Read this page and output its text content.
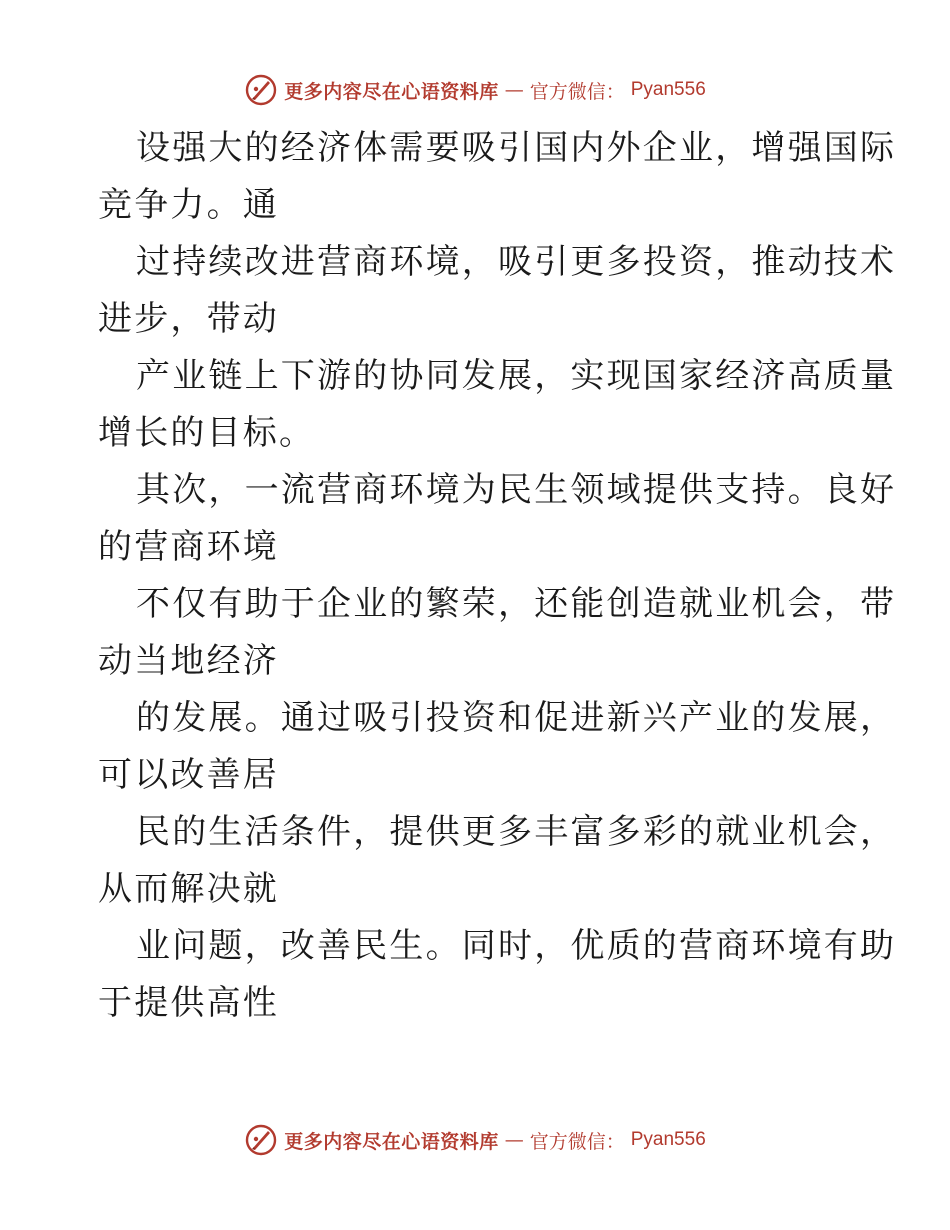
更多内容尽在心语资料库 — 官方微信： Pyan556
设强大的经济体需要吸引国内外企业，增强国际
竞争力。通
过持续改进营商环境，吸引更多投资，推动技术
进步，带动
产业链上下游的协同发展，实现国家经济高质量
增长的目标。
其次，一流营商环境为民生领域提供支持。良好
的营商环境
不仅有助于企业的繁荣，还能创造就业机会，带
动当地经济
的发展。通过吸引投资和促进新兴产业的发展，
可以改善居
民的生活条件，提供更多丰富多彩的就业机会，
从而解决就
业问题，改善民生。同时，优质的营商环境有助
于提供高性
更多内容尽在心语资料库 — 官方微信： Pyan556
